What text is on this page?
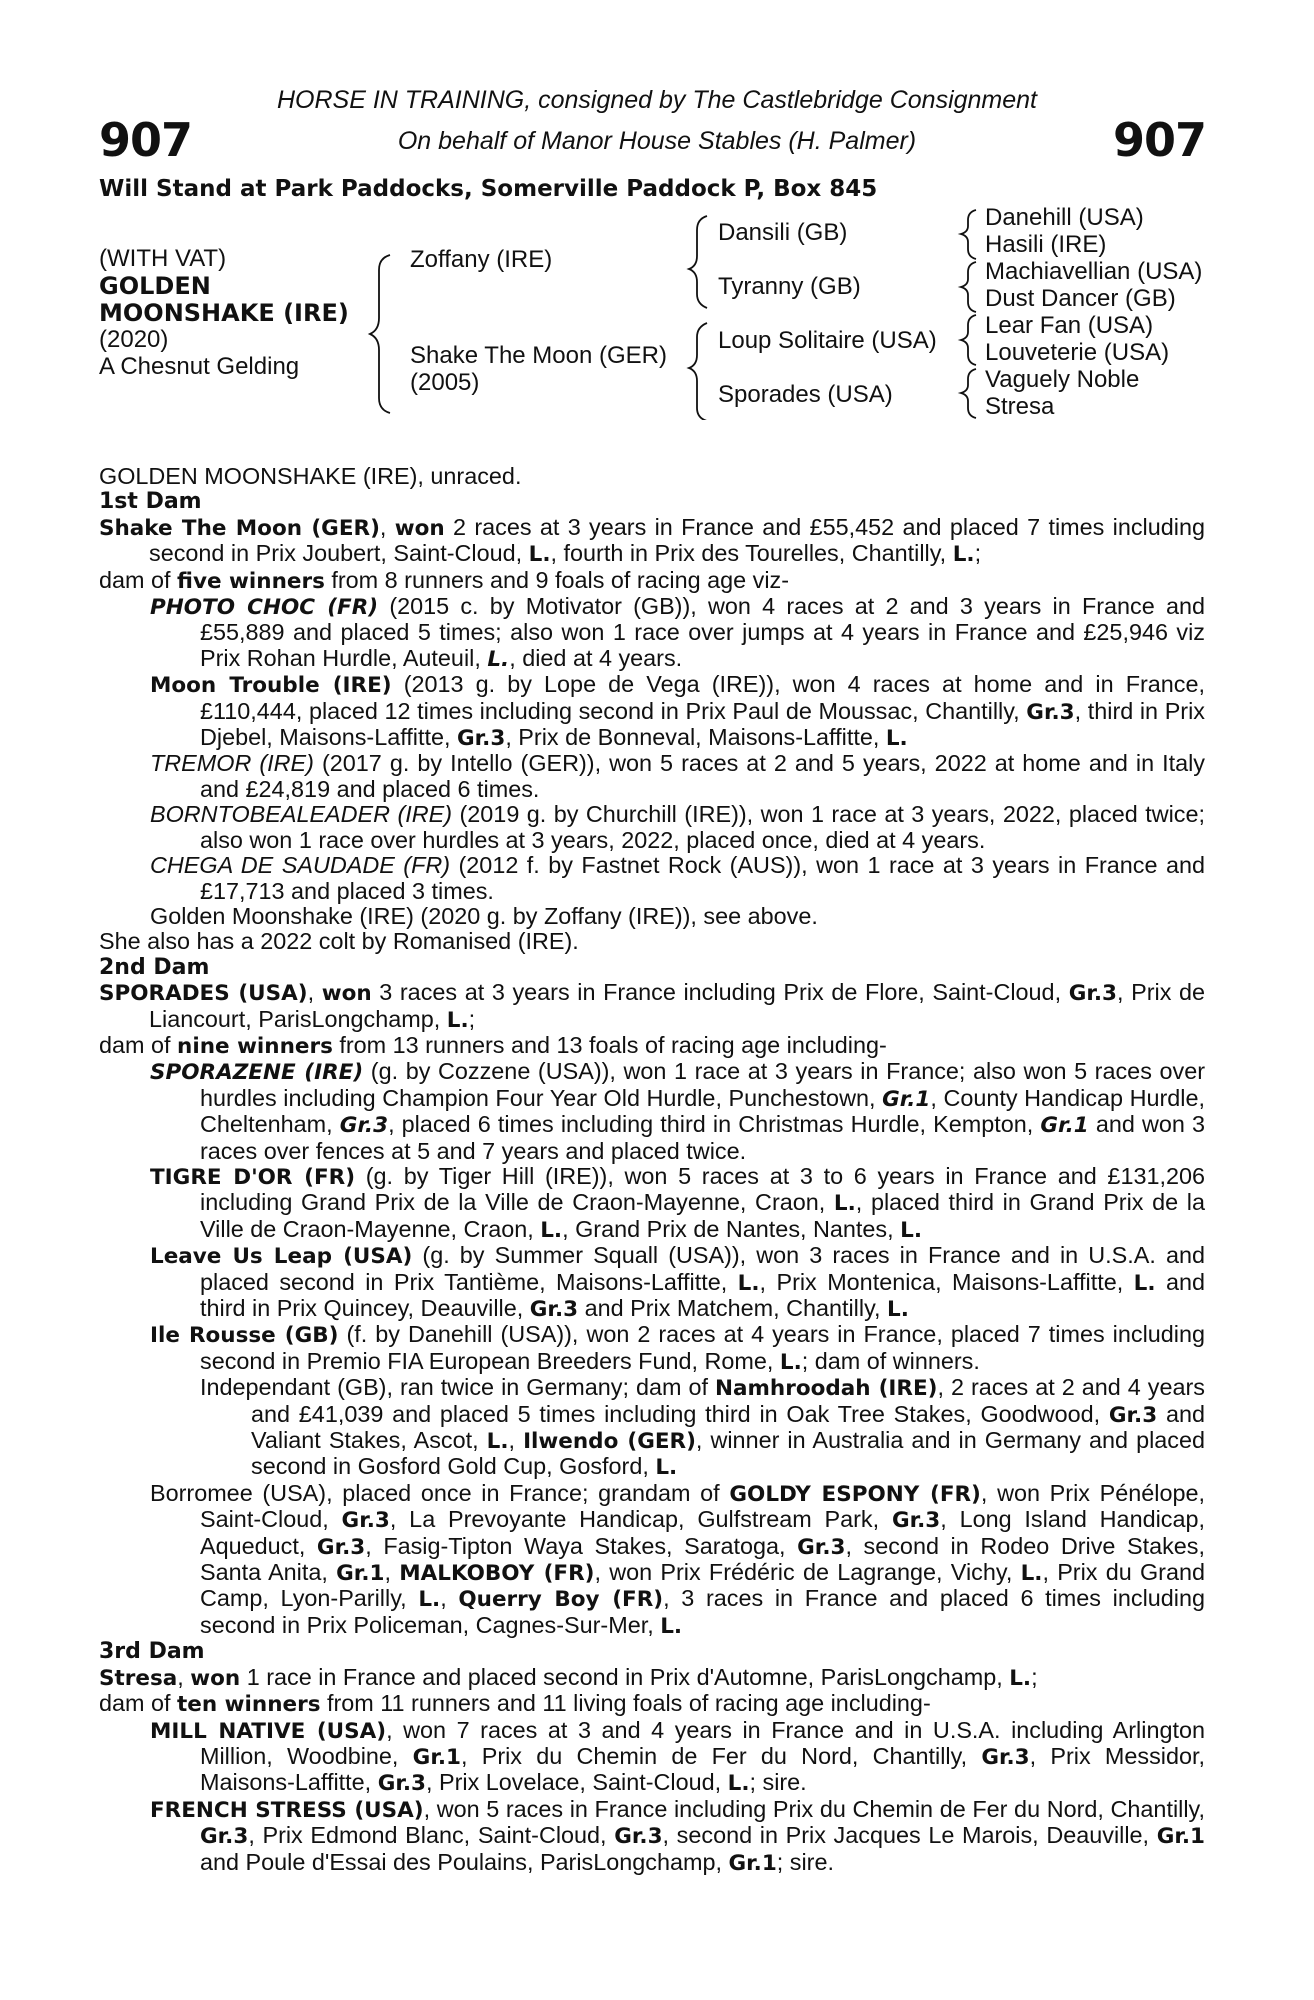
907	907
HORSE IN TRAINING, consigned by The Castlebridge Consignment
On behalf of Manor House Stables (H. Palmer)
Will Stand at Park Paddocks, Somerville Paddock P, Box 845
(WITH VAT)
GOLDEN
MOONSHAKE (IRE)
(2020)
A Chesnut Gelding
Zoffany (IRE)
Shake The Moon (GER)
(2005)
Dansili (GB)
Tyranny (GB)
Loup Solitaire (USA)
Sporades (USA)
Danehill (USA)
Hasili (IRE)
Machiavellian (USA)
Dust Dancer (GB)
Lear Fan (USA)
Louveterie (USA)
Vaguely Noble
Stresa

GOLDEN MOONSHAKE (IRE), unraced.

1st Dam

Shake The Moon (GER), won 2 races at 3 years in France and £55,452 and placed 7 times including second in Prix Joubert, Saint-Cloud, L., fourth in Prix des Tourelles, Chantilly, L.;

dam of five winners from 8 runners and 9 foals of racing age viz-

PHOTO CHOC (FR) (2015 c. by Motivator (GB)), won 4 races at 2 and 3 years in France and £55,889 and placed 5 times; also won 1 race over jumps at 4 years in France and £25,946 viz Prix Rohan Hurdle, Auteuil, L., died at 4 years.

Moon Trouble (IRE) (2013 g. by Lope de Vega (IRE)), won 4 races at home and in France, £110,444, placed 12 times including second in Prix Paul de Moussac, Chantilly, Gr.3, third in Prix Djebel, Maisons-Laffitte, Gr.3, Prix de Bonneval, Maisons-Laffitte, L.

TREMOR (IRE) (2017 g. by Intello (GER)), won 5 races at 2 and 5 years, 2022 at home and in Italy and £24,819 and placed 6 times.

BORNTOBEALEADER (IRE) (2019 g. by Churchill (IRE)), won 1 race at 3 years, 2022, placed twice; also won 1 race over hurdles at 3 years, 2022, placed once, died at 4 years.

CHEGA DE SAUDADE (FR) (2012 f. by Fastnet Rock (AUS)), won 1 race at 3 years in France and £17,713 and placed 3 times.

Golden Moonshake (IRE) (2020 g. by Zoffany (IRE)), see above.

She also has a 2022 colt by Romanised (IRE).

2nd Dam

SPORADES (USA), won 3 races at 3 years in France including Prix de Flore, Saint-Cloud, Gr.3, Prix de Liancourt, ParisLongchamp, L.;

dam of nine winners from 13 runners and 13 foals of racing age including-

SPORAZENE (IRE) (g. by Cozzene (USA)), won 1 race at 3 years in France; also won 5 races over hurdles including Champion Four Year Old Hurdle, Punchestown, Gr.1, County Handicap Hurdle, Cheltenham, Gr.3, placed 6 times including third in Christmas Hurdle, Kempton, Gr.1 and won 3 races over fences at 5 and 7 years and placed twice.

TIGRE D'OR (FR) (g. by Tiger Hill (IRE)), won 5 races at 3 to 6 years in France and £131,206 including Grand Prix de la Ville de Craon-Mayenne, Craon, L., placed third in Grand Prix de la Ville de Craon-Mayenne, Craon, L., Grand Prix de Nantes, Nantes, L.

Leave Us Leap (USA) (g. by Summer Squall (USA)), won 3 races in France and in U.S.A. and placed second in Prix Tantième, Maisons-Laffitte, L., Prix Montenica, Maisons-Laffitte, L. and third in Prix Quincey, Deauville, Gr.3 and Prix Matchem, Chantilly, L.

Ile Rousse (GB) (f. by Danehill (USA)), won 2 races at 4 years in France, placed 7 times including second in Premio FIA European Breeders Fund, Rome, L.; dam of winners.

Independant (GB), ran twice in Germany; dam of Namhroodah (IRE), 2 races at 2 and 4 years and £41,039 and placed 5 times including third in Oak Tree Stakes, Goodwood, Gr.3 and Valiant Stakes, Ascot, L., Ilwendo (GER), winner in Australia and in Germany and placed second in Gosford Gold Cup, Gosford, L.

Borromee (USA), placed once in France; grandam of GOLDY ESPONY (FR), won Prix Pénélope, Saint-Cloud, Gr.3, La Prevoyante Handicap, Gulfstream Park, Gr.3, Long Island Handicap, Aqueduct, Gr.3, Fasig-Tipton Waya Stakes, Saratoga, Gr.3, second in Rodeo Drive Stakes, Santa Anita, Gr.1, MALKOBOY (FR), won Prix Frédéric de Lagrange, Vichy, L., Prix du Grand Camp, Lyon-Parilly, L., Querry Boy (FR), 3 races in France and placed 6 times including second in Prix Policeman, Cagnes-Sur-Mer, L.

3rd Dam

Stresa, won 1 race in France and placed second in Prix d'Automne, ParisLongchamp, L.;

dam of ten winners from 11 runners and 11 living foals of racing age including-

MILL NATIVE (USA), won 7 races at 3 and 4 years in France and in U.S.A. including Arlington Million, Woodbine, Gr.1, Prix du Chemin de Fer du Nord, Chantilly, Gr.3, Prix Messidor, Maisons-Laffitte, Gr.3, Prix Lovelace, Saint-Cloud, L.; sire.

FRENCH STRESS (USA), won 5 races in France including Prix du Chemin de Fer du Nord, Chantilly, Gr.3, Prix Edmond Blanc, Saint-Cloud, Gr.3, second in Prix Jacques Le Marois, Deauville, Gr.1 and Poule d'Essai des Poulains, ParisLongchamp, Gr.1; sire.
